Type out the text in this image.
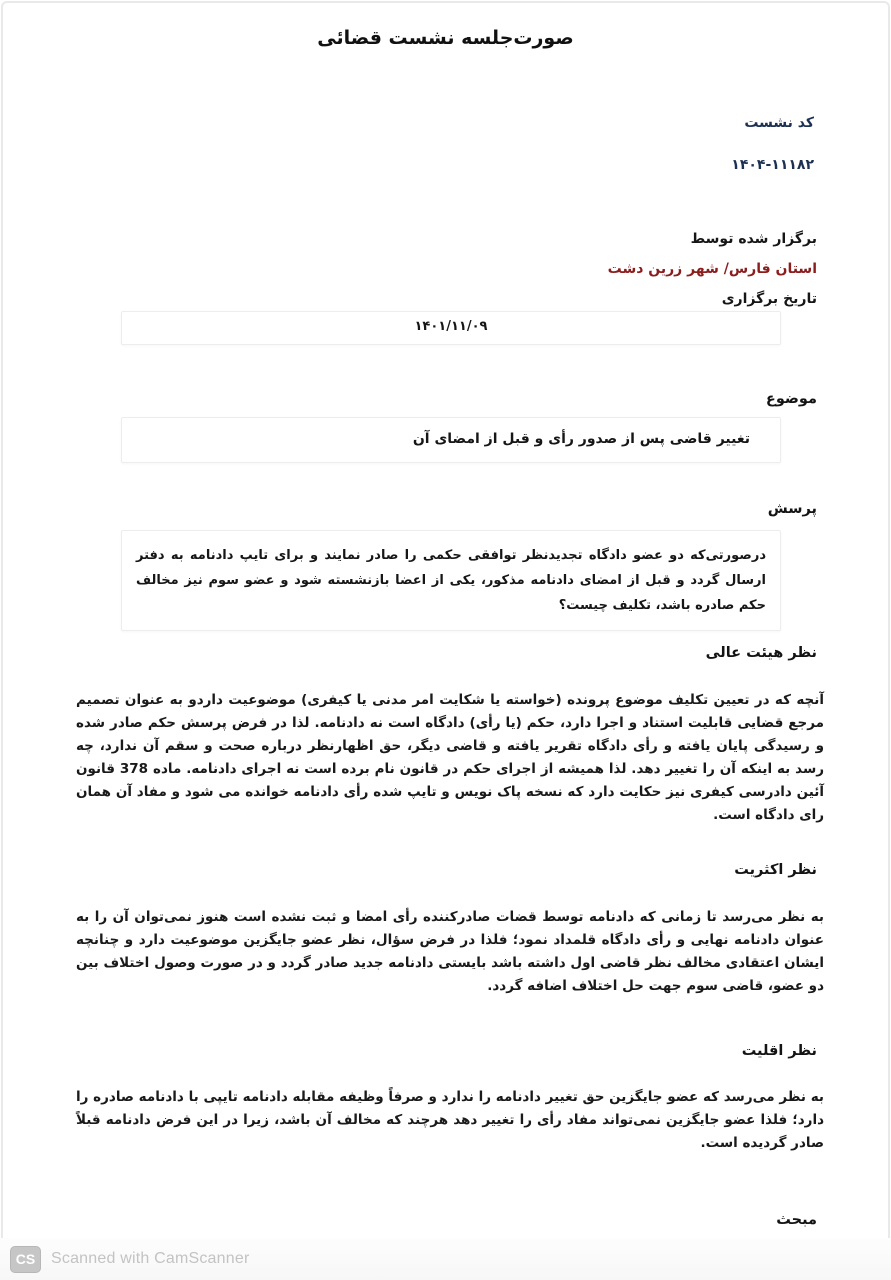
صورت‌جلسه نشست قضائی
کد نشست
۱۴۰۴-۱۱۱۸۲
برگزار شده توسط
استان فارس/ شهر زرین دشت
تاریخ برگزاری
۱۴۰۱/۱۱/۰۹
موضوع
تغییر قاضی پس از صدور رأی و قبل از امضای آن
پرسش
درصورتی‌که دو عضو دادگاه تجدیدنظر توافقی حکمی را صادر نمایند و برای تایپ دادنامه به دفتر ارسال گردد و قبل از امضای دادنامه مذکور، یکی از اعضا بازنشسته شود و عضو سوم نیز مخالف حکم صادره باشد، تکلیف چیست؟
نظر هیئت عالی
آنچه که در تعیین تکلیف موضوع پرونده (خواسته یا شکایت امر مدنی یا کیفری) موضوعیت داردو به عنوان تصمیم مرجع قضایی قابلیت استناد و اجرا دارد، حکم (یا رأی) دادگاه است نه دادنامه. لذا در فرض پرسش حکم صادر شده و رسیدگی پایان یافته و رأی دادگاه تقریر یافته و قاضی دیگر، حق اظهارنظر درباره صحت و سقم آن ندارد، چه رسد به اینکه آن را تغییر دهد. لذا همیشه از اجرای حکم در قانون نام برده است نه اجرای دادنامه. ماده 378 قانون آئین دادرسی کیفری نیز حکایت دارد که نسخه پاک نویس و تایپ شده رأی دادنامه خوانده می شود و مفاد آن همان رای دادگاه است.
نظر اکثریت
به نظر می‌رسد تا زمانی که دادنامه توسط قضات صادرکننده رأی امضا و ثبت نشده است هنوز نمی‌توان آن را به عنوان دادنامه نهایی و رأی دادگاه قلمداد نمود؛ فلذا در فرض سؤال، نظر عضو جایگزین موضوعیت دارد و چنانچه ایشان اعتقادی مخالف نظر قاضی اول داشته باشد بایستی دادنامه جدید صادر گردد و در صورت وصول اختلاف بین دو عضو، قاضی سوم جهت حل اختلاف اضافه گردد.
نظر اقلیت
به نظر می‌رسد که عضو جایگزین حق تغییر دادنامه را ندارد و صرفاً وظیفه مقابله دادنامه تایپی با دادنامه صادره را دارد؛ فلذا عضو جایگزین نمی‌تواند مفاد رأی را تغییر دهد هرچند که مخالف آن باشد، زیرا در این فرض دادنامه قبلاً صادر گردیده است.
مبحث
CS Scanned with CamScanner
